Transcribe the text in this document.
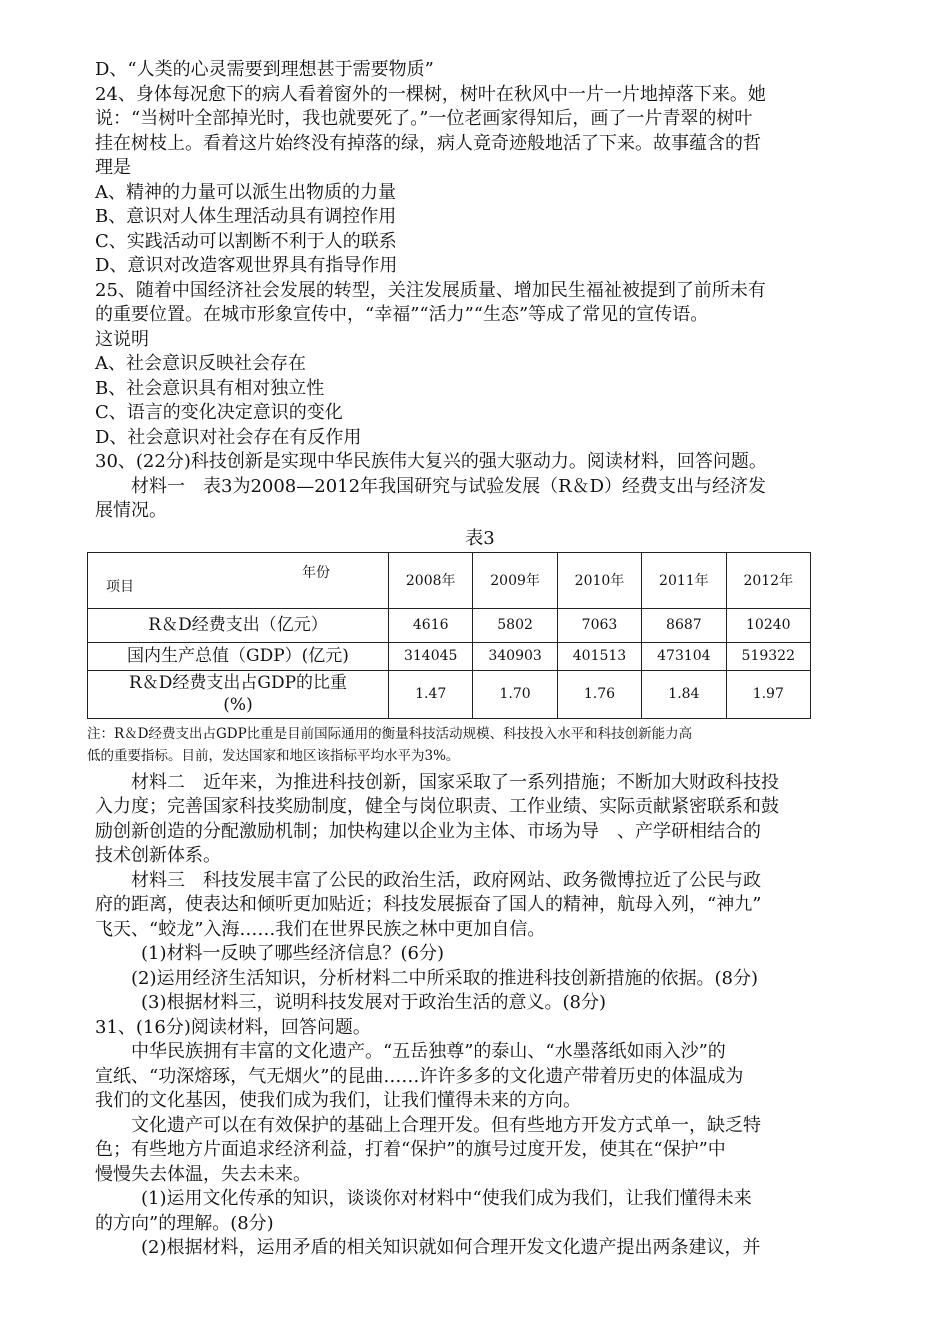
D、“人类的心灵需要到理想甚于需要物质”

24、身体每况愈下的病人看着窗外的一棵树，树叶在秋风中一片一片地掉落下来。她

说：“当树叶全部掉光时，我也就要死了。”一位老画家得知后，画了一片青翠的树叶

挂在树枝上。看着这片始终没有掉落的绿，病人竟奇迹般地活了下来。故事蕴含的哲

理是

A、精神的力量可以派生出物质的力量

B、意识对人体生理活动具有调控作用

C、实践活动可以割断不利于人的联系

D、意识对改造客观世界具有指导作用

25、随着中国经济社会发展的转型，关注发展质量、增加民生福祉被提到了前所未有

的重要位置。在城市形象宣传中，“幸福”“活力”“生态”等成了常见的宣传语。

这说明

A、社会意识反映社会存在

B、社会意识具有相对独立性

C、语言的变化决定意识的变化

D、社会意识对社会存在有反作用

30、(22分)科技创新是实现中华民族伟大复兴的强大驱动力。阅读材料，回答问题。

材料一　表3为2008—2012年我国研究与试验发展（R＆D）经费支出与经济发

展情况。

表3
年份
项目	2008年	2009年	2010年	2011年	2012年
R＆D经费支出（亿元）	4616	5802	7063	8687	10240
国内生产总值（GDP）(亿元)	314045	340903	401513	473104	519322

R＆D经费支出占GDP的比重
(%)	1.47	1.70	1.76	1.84	1.97

注：R＆D经费支出占GDP比重是目前国际通用的衡量科技活动规模、科技投入水平和科技创新能力高

低的重要指标。目前，发达国家和地区该指标平均水平为3%。

材料二　近年来，为推进科技创新，国家采取了一系列措施；不断加大财政科技投

入力度；完善国家科技奖励制度，健全与岗位职责、工作业绩、实际贡献紧密联系和鼓

励创新创造的分配激励机制；加快构建以企业为主体、市场为导　、产学研相结合的

技术创新体系。

材料三　科技发展丰富了公民的政治生活，政府网站、政务微博拉近了公民与政

府的距离，使表达和倾听更加贴近；科技发展振奋了国人的精神，航母入列，“神九”

飞天、“蛟龙”入海……我们在世界民族之林中更加自信。

(1)材料一反映了哪些经济信息？(6分)

(2)运用经济生活知识，分析材料二中所采取的推进科技创新措施的依据。(8分)

(3)根据材料三，说明科技发展对于政治生活的意义。(8分)

31、(16分)阅读材料，回答问题。

中华民族拥有丰富的文化遗产。“五岳独尊”的泰山、“水墨落纸如雨入沙”的

宣纸、“功深熔琢，气无烟火”的昆曲……许许多多的文化遗产带着历史的体温成为

我们的文化基因，使我们成为我们，让我们懂得未来的方向。

文化遗产可以在有效保护的基础上合理开发。但有些地方开发方式单一，缺乏特

色；有些地方片面追求经济利益，打着“保护”的旗号过度开发，使其在“保护”中

慢慢失去体温，失去未来。

(1)运用文化传承的知识，谈谈你对材料中“使我们成为我们，让我们懂得未来

的方向”的理解。(8分)

(2)根据材料，运用矛盾的相关知识就如何合理开发文化遗产提出两条建议，并
